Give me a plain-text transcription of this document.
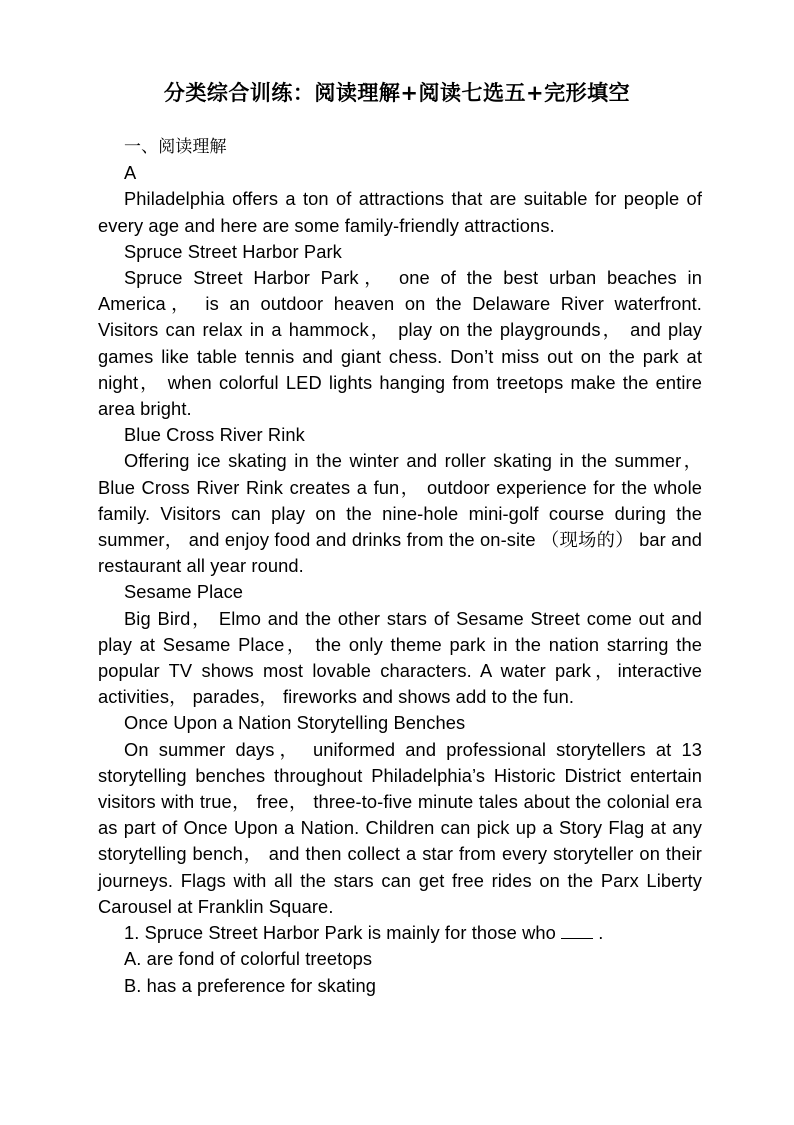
分类综合训练：阅读理解+阅读七选五+完形填空

一、阅读理解

A

Philadelphia offers a ton of attractions that are suitable for people of every age and here are some family-friendly attractions.

Spruce Street Harbor Park

Spruce Street Harbor Park， one of the best urban beaches in America， is an outdoor heaven on the Delaware River waterfront. Visitors can relax in a hammock， play on the playgrounds， and play games like table tennis and giant chess. Don’t miss out on the park at night， when colorful LED lights hanging from treetops make the entire area bright.

Blue Cross River Rink

Offering ice skating in the winter and roller skating in the summer，Blue Cross River Rink creates a fun， outdoor experience for the whole family. Visitors can play on the nine-hole mini-golf course during the summer， and enjoy food and drinks from the on-site （现场的） bar and restaurant all year round.

Sesame Place

Big Bird， Elmo and the other stars of Sesame Street come out and play at Sesame Place， the only theme park in the nation starring the popular TV shows most lovable characters. A water park，interactive activities， parades， fireworks and shows add to the fun.

Once Upon a Nation Storytelling Benches

On summer days， uniformed and professional storytellers at 13 storytelling benches throughout Philadelphia’s Historic District entertain visitors with true， free， three-to-five minute tales about the colonial era as part of Once Upon a Nation. Children can pick up a Story Flag at any storytelling bench， and then collect a star from every storyteller on their journeys. Flags with all the stars can get free rides on the Parx Liberty Carousel at Franklin Square.

1. Spruce Street Harbor Park is mainly for those who  .

A. are fond of colorful treetops

B. has a preference for skating
